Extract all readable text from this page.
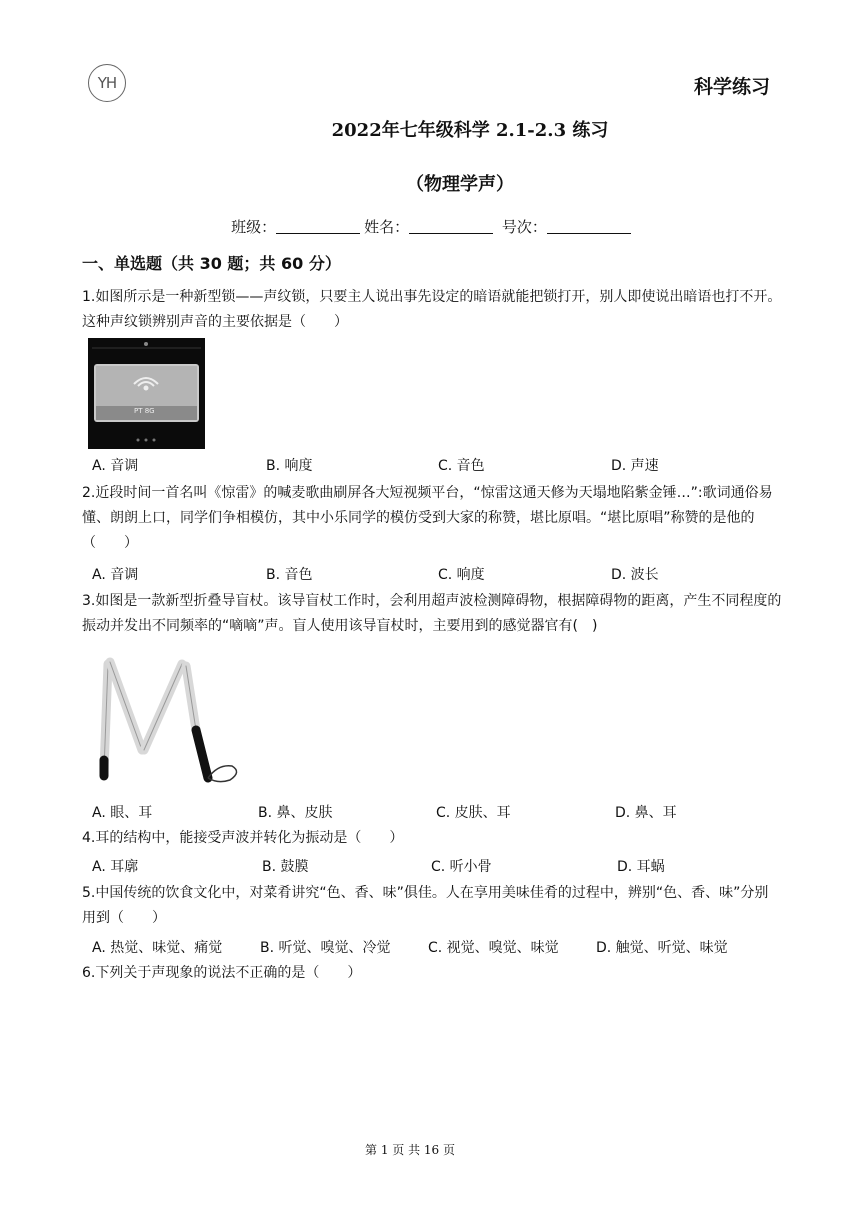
YH	科学练习
2022年七年级科学 2.1-2.3 练习
（物理学声）
班级：	姓名：	号次：
一、单选题（共 30 题；共 60 分）
1.如图所示是一种新型锁——声纹锁，只要主人说出事先设定的暗语就能把锁打开，别人即使说出暗语也打不开。这种声纹锁辨别声音的主要依据是（　　）
PT 8G
A. 音调	B. 响度	C. 音色	D. 声速
2.近段时间一首名叫《惊雷》的喊麦歌曲刷屏各大短视频平台，“惊雷这通天修为天塌地陷紫金锤…”:歌词通俗易懂、朗朗上口，同学们争相模仿，其中小乐同学的模仿受到大家的称赞，堪比原唱。“堪比原唱”称赞的是他的（　　）
A. 音调	B. 音色	C. 响度	D. 波长
3.如图是一款新型折叠导盲杖。该导盲杖工作时，会利用超声波检测障碍物，根据障碍物的距离，产生不同程度的振动并发出不同频率的“嘀嘀”声。盲人使用该导盲杖时，主要用到的感觉器官有(　)
A. 眼、耳	B. 鼻、皮肤	C. 皮肤、耳	D. 鼻、耳
4.耳的结构中，能接受声波并转化为振动是（　　）
A. 耳廓	B. 鼓膜	C. 听小骨	D. 耳蜗
5.中国传统的饮食文化中，对菜肴讲究“色、香、味”俱佳。人在享用美味佳肴的过程中，辨别“色、香、味”分别用到（　　）
A. 热觉、味觉、痛觉	B. 听觉、嗅觉、冷觉	C. 视觉、嗅觉、味觉	D. 触觉、听觉、味觉
6.下列关于声现象的说法不正确的是（　　）
第 1 页 共 16 页
